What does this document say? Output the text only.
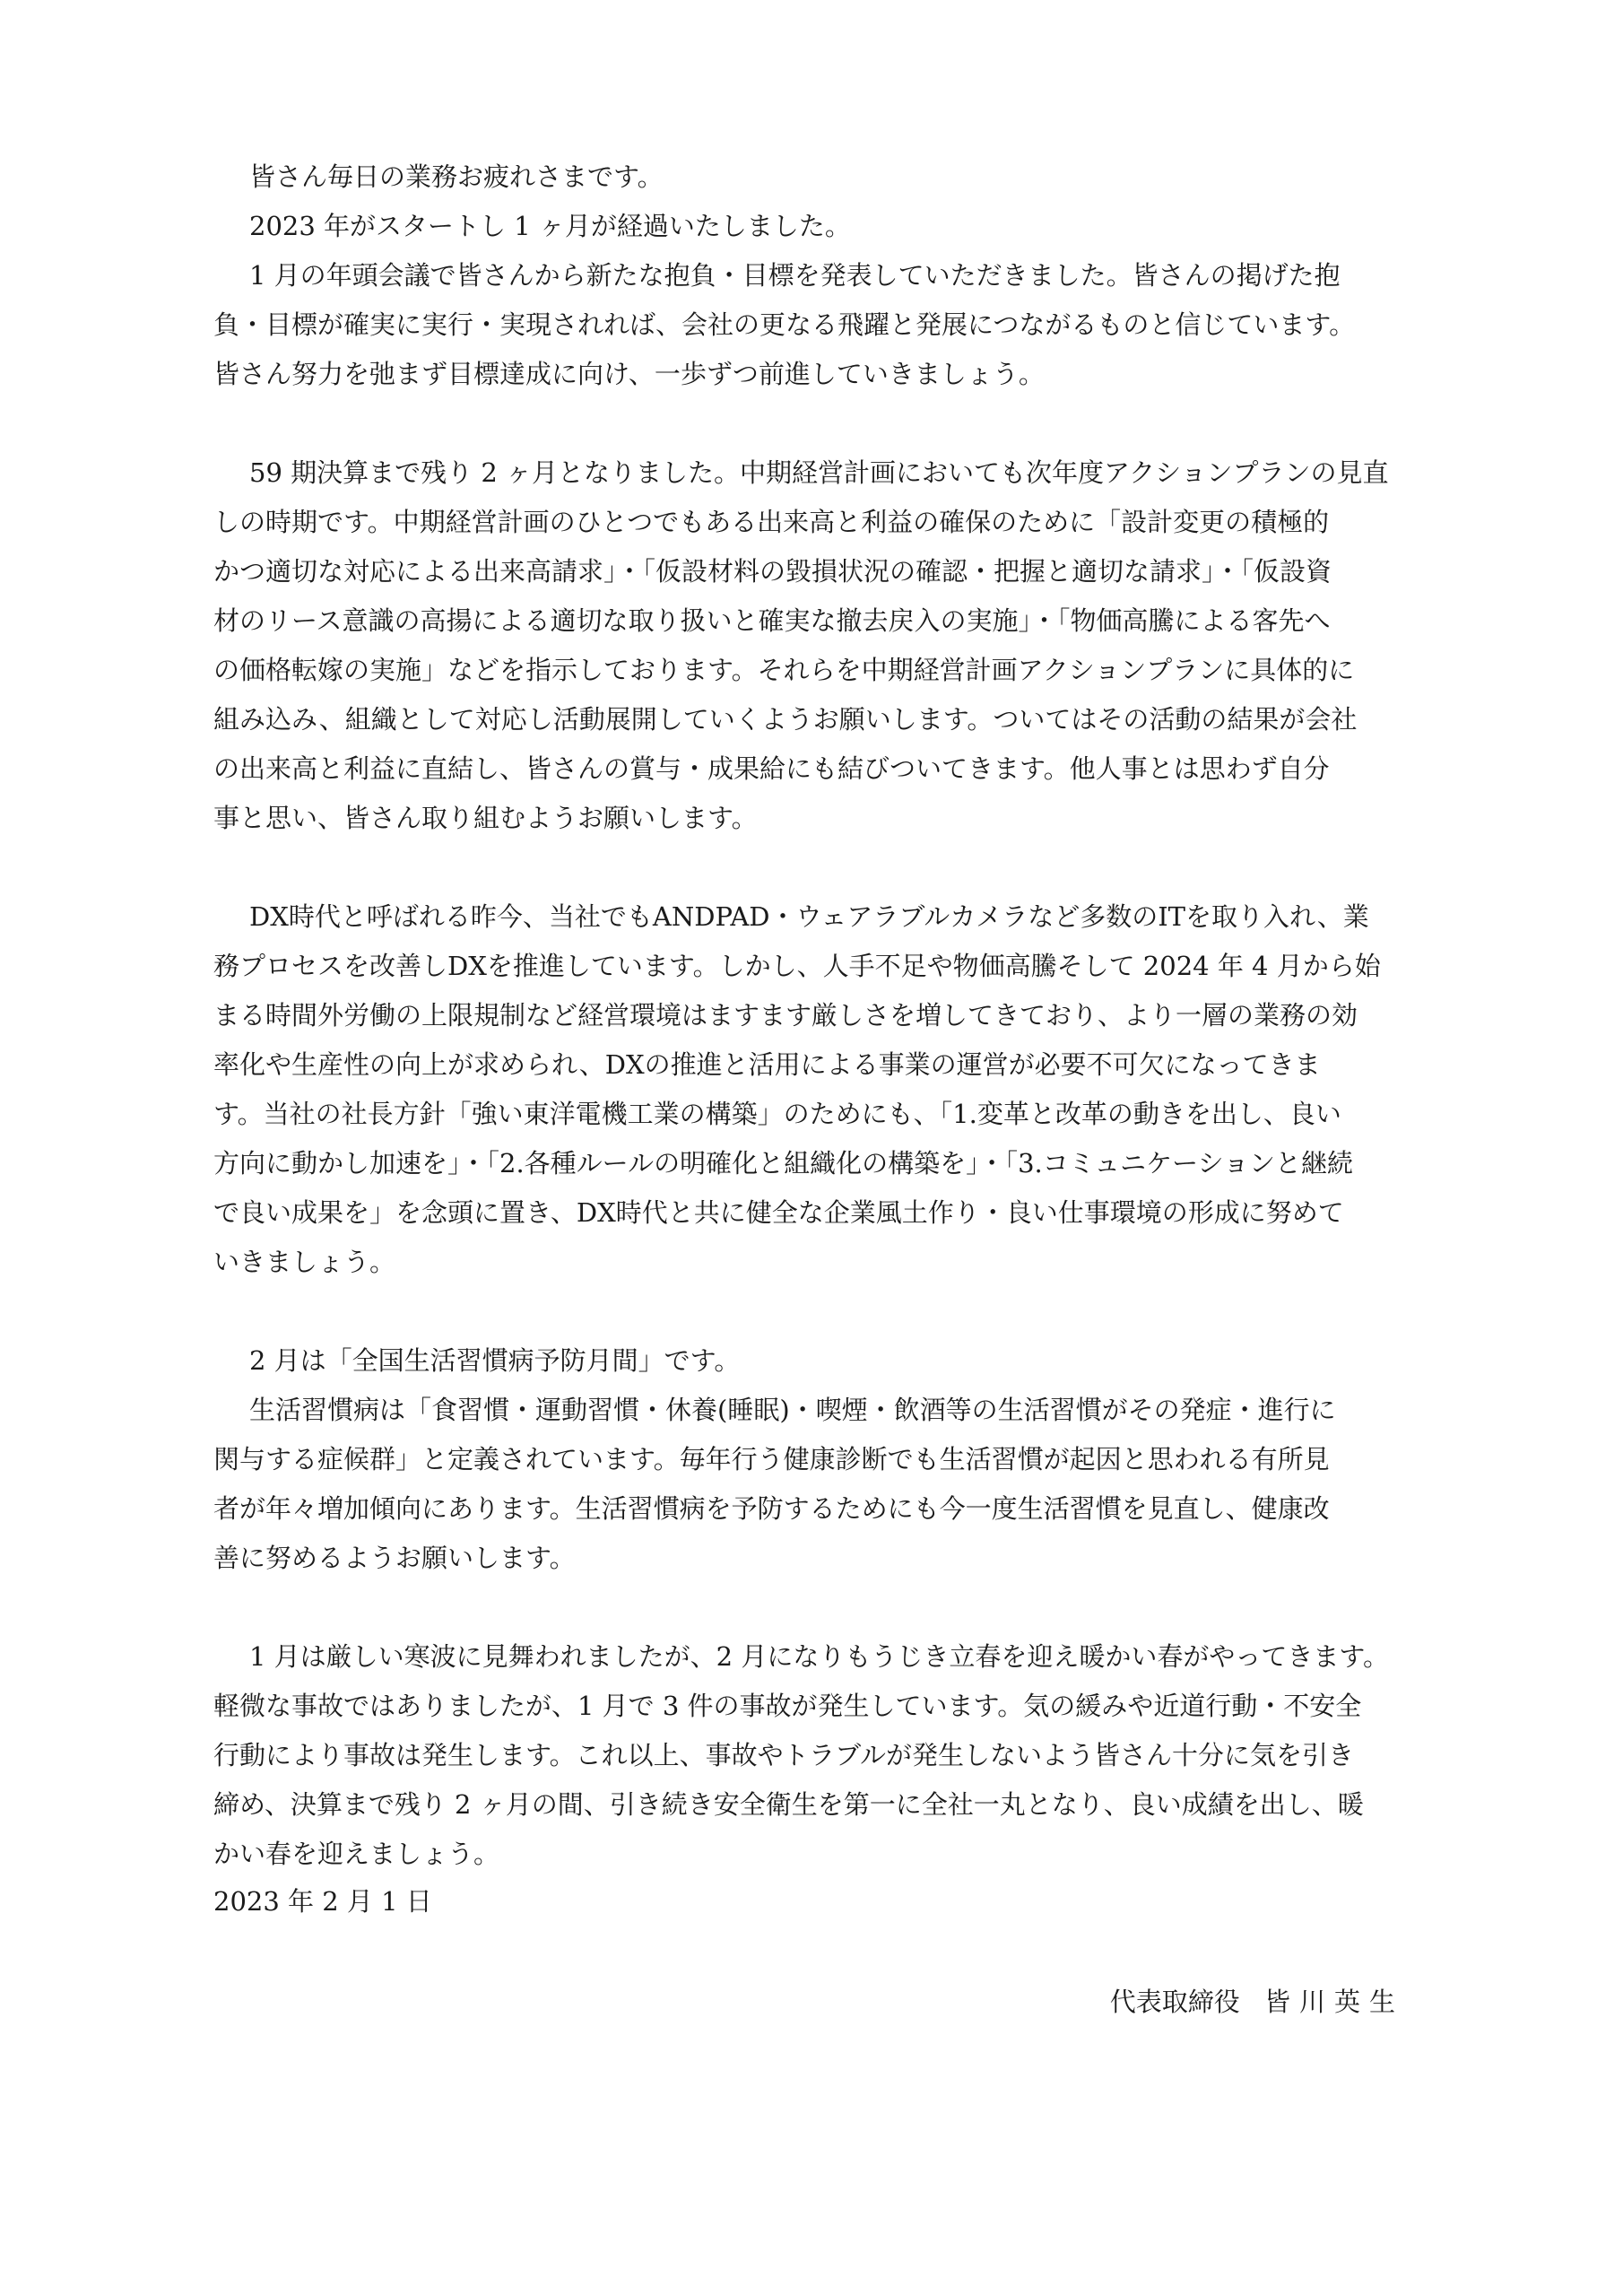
皆さん毎日の業務お疲れさまです。
2023 年がスタートし 1 ヶ月が経過いたしました。
1 月の年頭会議で皆さんから新たな抱負・目標を発表していただきました。皆さんの掲げた抱
負・目標が確実に実行・実現されれば、会社の更なる飛躍と発展につながるものと信じています。
皆さん努力を弛まず目標達成に向け、一歩ずつ前進していきましょう。
59 期決算まで残り 2 ヶ月となりました。中期経営計画においても次年度アクションプランの見直
しの時期です。中期経営計画のひとつでもある出来高と利益の確保のために「設計変更の積極的
かつ適切な対応による出来高請求」・「仮設材料の毀損状況の確認・把握と適切な請求」・「仮設資
材のリース意識の高揚による適切な取り扱いと確実な撤去戻入の実施」・「物価高騰による客先へ
の価格転嫁の実施」などを指示しております。それらを中期経営計画アクションプランに具体的に
組み込み、組織として対応し活動展開していくようお願いします。ついてはその活動の結果が会社
の出来高と利益に直結し、皆さんの賞与・成果給にも結びついてきます。他人事とは思わず自分
事と思い、皆さん取り組むようお願いします。
DX時代と呼ばれる昨今、当社でもANDPAD・ウェアラブルカメラなど多数のITを取り入れ、業
務プロセスを改善しDXを推進しています。しかし、人手不足や物価高騰そして 2024 年 4 月から始
まる時間外労働の上限規制など経営環境はますます厳しさを増してきており、より一層の業務の効
率化や生産性の向上が求められ、DXの推進と活用による事業の運営が必要不可欠になってきま
す。当社の社長方針「強い東洋電機工業の構築」のためにも、「1.変革と改革の動きを出し、良い
方向に動かし加速を」・「2.各種ルールの明確化と組織化の構築を」・「3.コミュニケーションと継続
で良い成果を」を念頭に置き、DX時代と共に健全な企業風土作り・良い仕事環境の形成に努めて
いきましょう。
2 月は「全国生活習慣病予防月間」です。
生活習慣病は「食習慣・運動習慣・休養(睡眠)・喫煙・飲酒等の生活習慣がその発症・進行に
関与する症候群」と定義されています。毎年行う健康診断でも生活習慣が起因と思われる有所見
者が年々増加傾向にあります。生活習慣病を予防するためにも今一度生活習慣を見直し、健康改
善に努めるようお願いします。
1 月は厳しい寒波に見舞われましたが、2 月になりもうじき立春を迎え暖かい春がやってきます。
軽微な事故ではありましたが、1 月で 3 件の事故が発生しています。気の緩みや近道行動・不安全
行動により事故は発生します。これ以上、事故やトラブルが発生しないよう皆さん十分に気を引き
締め、決算まで残り 2 ヶ月の間、引き続き安全衛生を第一に全社一丸となり、良い成績を出し、暖
かい春を迎えましょう。
2023 年 2 月 1 日
代表取締役 皆川英生
